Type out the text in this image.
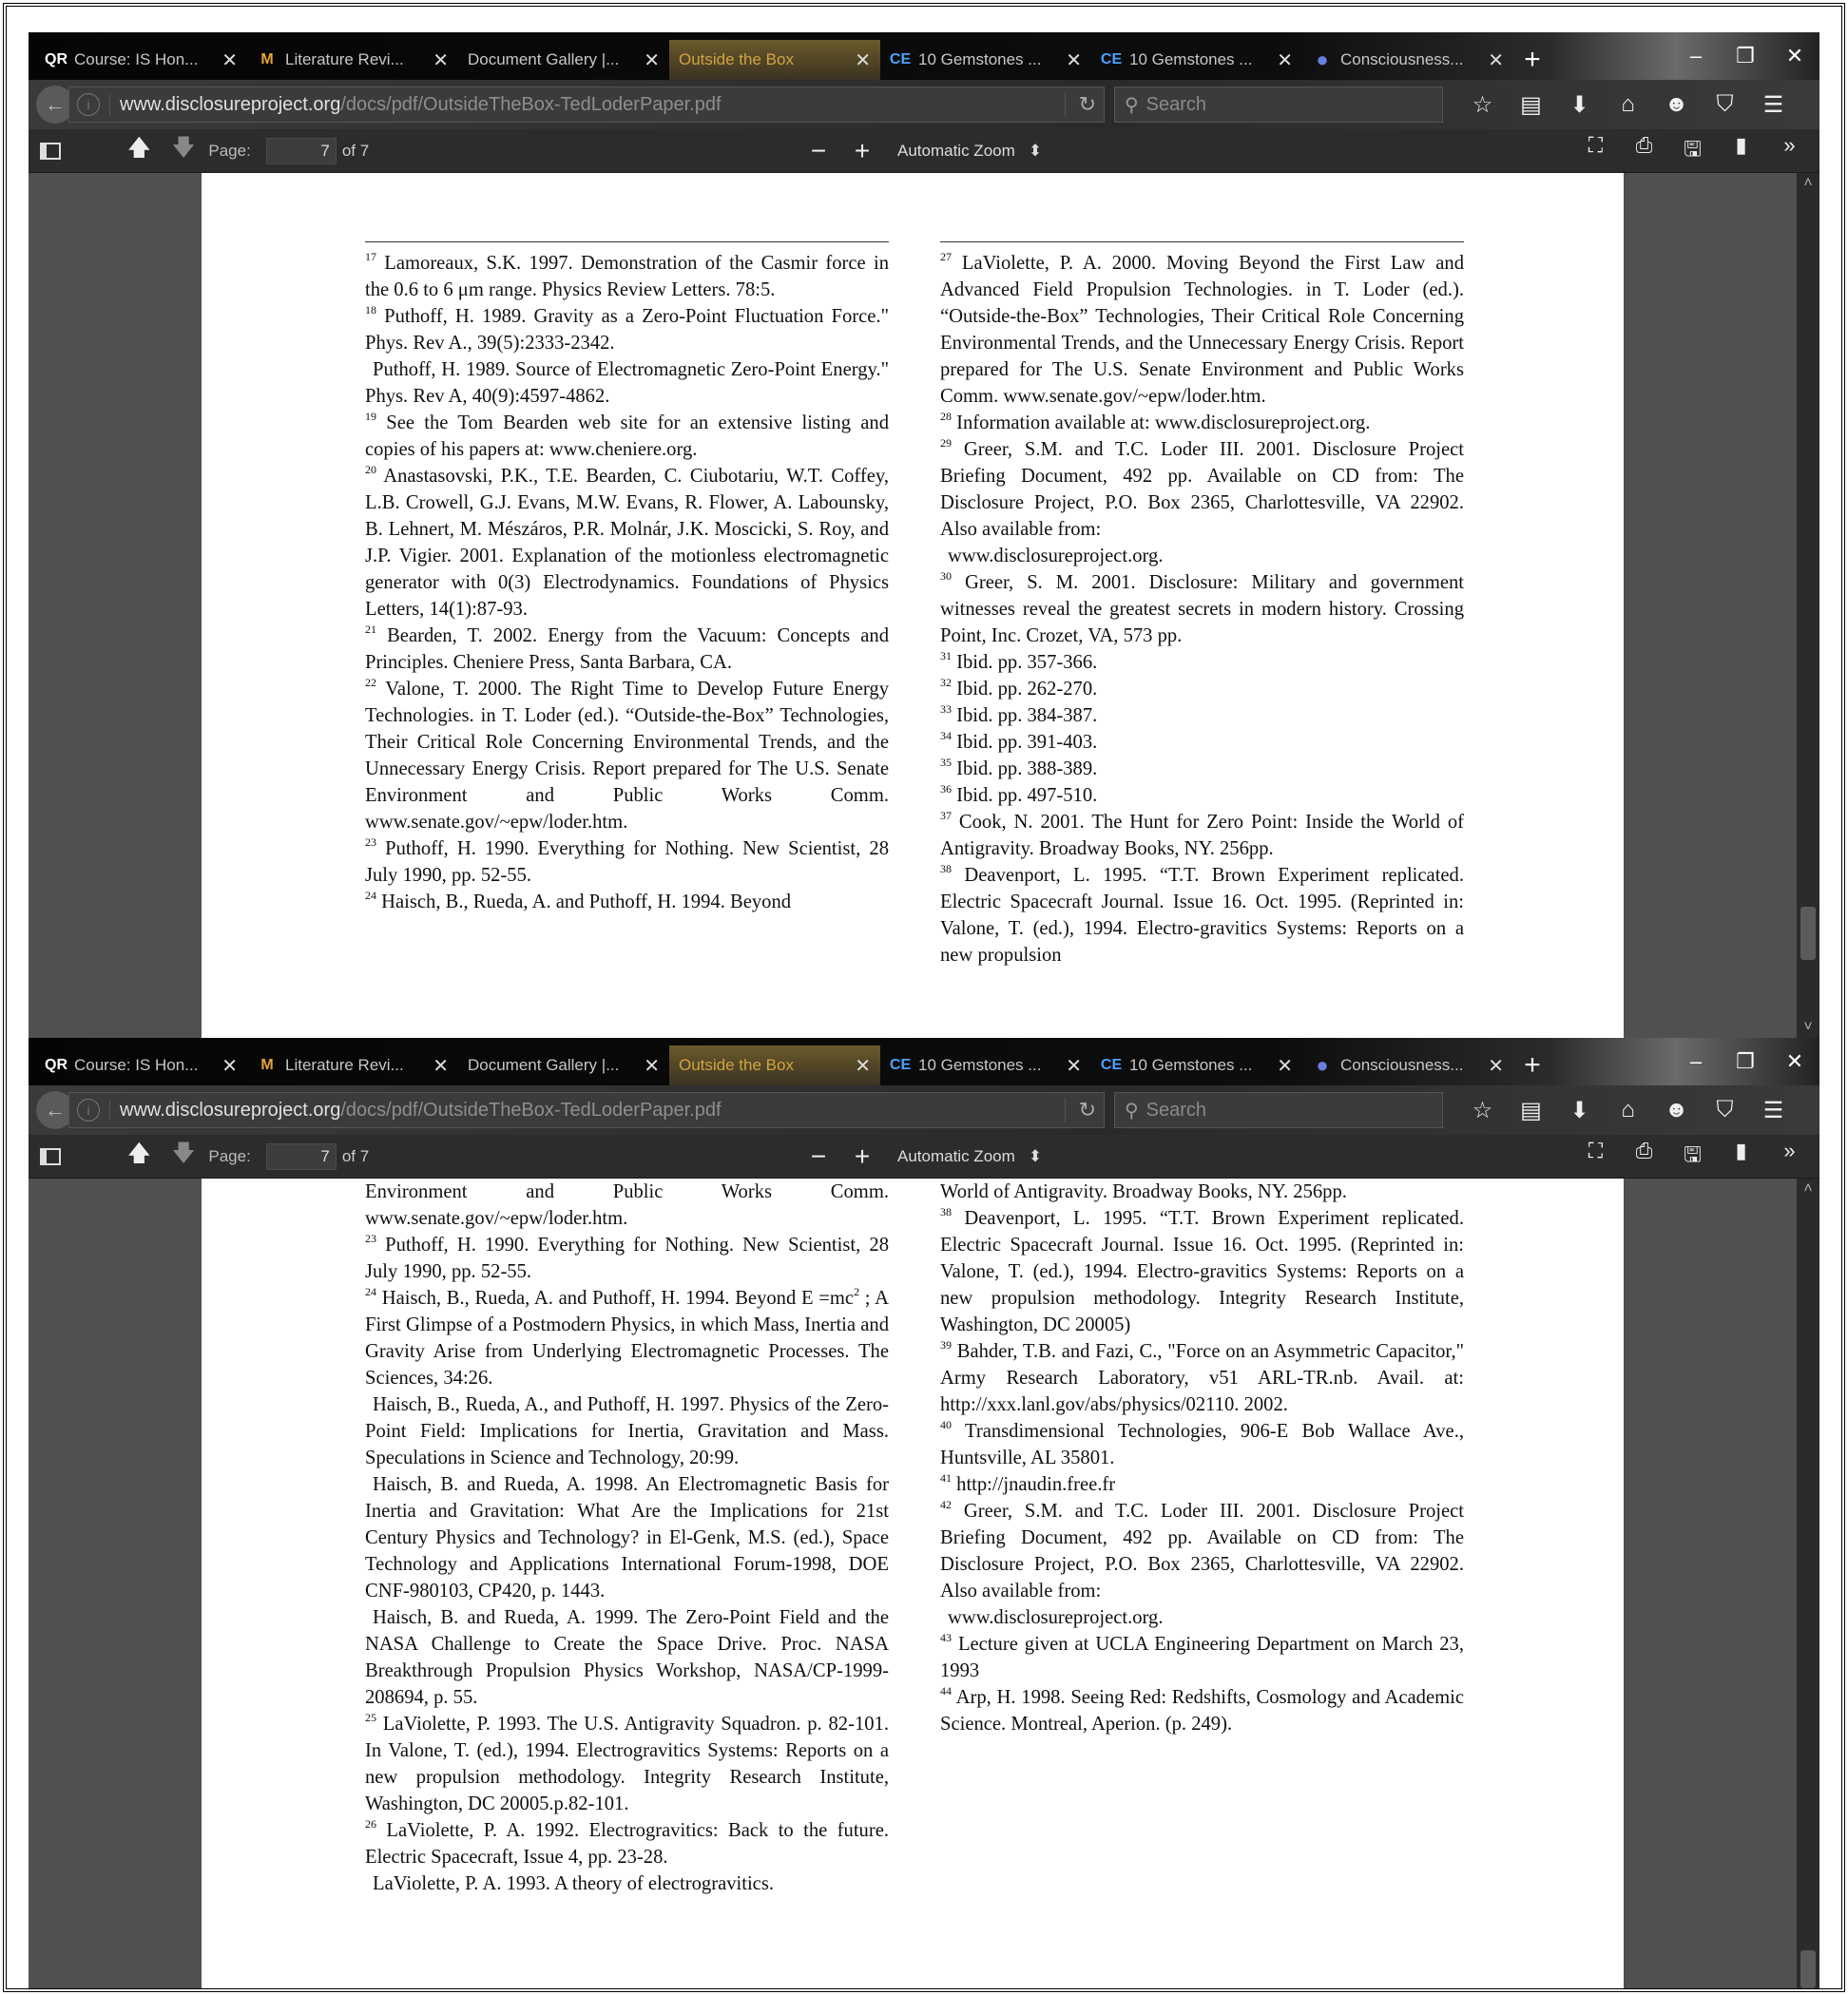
QR Course: IS Hon...	✕ M Literature Revi...	✕ Document Gallery |...	✕ Outside the Box	✕ CE 10 Gemstones ...	✕ CE 10 Gemstones ...	✕ ● Consciousness...	✕ +	–	❐	✕
←	i	www.disclosureproject.org/docs/pdf/OutsideTheBox-TedLoderPaper.pdf	↻ ⚲ Search	☆	▤	⬇	⌂	☻	⛉	☰
🡅 🡇 Page:	7 of 7	−	+	Automatic Zoom   ⬍	⛶	⎙	🖫	▮	»

$^{17}$ Lamoreaux, S.K. 1997. Demonstration of the Casmir force in the 0.6 to 6 μm range. Physics Review Letters. 78:5.

$^{18}$ Puthoff, H. 1989. Gravity as a Zero-Point Fluctuation Force." Phys. Rev A., 39(5):2333-2342.

Puthoff, H. 1989. Source of Electromagnetic Zero-Point Energy." Phys. Rev A, 40(9):4597-4862.

$^{19}$ See the Tom Bearden web site for an extensive listing and copies of his papers at: www.cheniere.org.

$^{20}$ Anastasovski, P.K., T.E. Bearden, C. Ciubotariu, W.T. Coffey, L.B. Crowell, G.J. Evans, M.W. Evans, R. Flower, A. Labounsky, B. Lehnert, M. Mészáros, P.R. Molnár, J.K. Moscicki, S. Roy, and J.P. Vigier. 2001. Explanation of the motionless electromagnetic generator with 0(3) Electrodynamics. Foundations of Physics Letters, 14(1):87-93.

$^{21}$ Bearden, T. 2002. Energy from the Vacuum: Concepts and Principles. Cheniere Press, Santa Barbara, CA.

$^{22}$ Valone, T. 2000. The Right Time to Develop Future Energy Technologies. in T. Loder (ed.). “Outside-the-Box” Technologies, Their Critical Role Concerning Environmental Trends, and the Unnecessary Energy Crisis. Report prepared for The U.S. Senate Environment and Public Works Comm. www.senate.gov/~epw/loder.htm.

$^{23}$ Puthoff, H. 1990. Everything for Nothing. New Scientist, 28 July 1990, pp. 52-55.

$^{24}$ Haisch, B., Rueda, A. and Puthoff, H. 1994. Beyond

$^{27}$ LaViolette, P. A. 2000. Moving Beyond the First Law and Advanced Field Propulsion Technologies. in T. Loder (ed.). “Outside-the-Box” Technologies, Their Critical Role Concerning Environmental Trends, and the Unnecessary Energy Crisis. Report prepared for The U.S. Senate Environment and Public Works Comm. www.senate.gov/~epw/loder.htm.

$^{28}$ Information available at: www.disclosureproject.org.

$^{29}$ Greer, S.M. and T.C. Loder III. 2001. Disclosure Project Briefing Document, 492 pp. Available on CD from: The Disclosure Project, P.O. Box 2365, Charlottesville, VA 22902. Also available from:

www.disclosureproject.org.

$^{30}$ Greer, S. M. 2001. Disclosure: Military and government witnesses reveal the greatest secrets in modern history. Crossing Point, Inc. Crozet, VA, 573 pp.

$^{31}$ Ibid. pp. 357-366.

$^{32}$ Ibid. pp. 262-270.

$^{33}$ Ibid. pp. 384-387.

$^{34}$ Ibid. pp. 391-403.

$^{35}$ Ibid. pp. 388-389.

$^{36}$ Ibid. pp. 497-510.

$^{37}$ Cook, N. 2001. The Hunt for Zero Point: Inside the World of Antigravity. Broadway Books, NY. 256pp.

$^{38}$ Deavenport, L. 1995. “T.T. Brown Experiment replicated. Electric Spacecraft Journal. Issue 16. Oct. 1995. (Reprinted in: Valone, T. (ed.), 1994. Electro-gravitics Systems: Reports on a new propulsion

˄
˅
QR Course: IS Hon...	✕ M Literature Revi...	✕ Document Gallery |...	✕ Outside the Box	✕ CE 10 Gemstones ...	✕ CE 10 Gemstones ...	✕ ● Consciousness...	✕ +	–	❐	✕
←	i	www.disclosureproject.org/docs/pdf/OutsideTheBox-TedLoderPaper.pdf	↻ ⚲ Search	☆	▤	⬇	⌂	☻	⛉	☰
🡅 🡇 Page:	7 of 7	−	+	Automatic Zoom   ⬍	⛶	⎙	🖫	▮	»

Environment and Public Works Comm. www.senate.gov/~epw/loder.htm.

$^{23}$ Puthoff, H. 1990. Everything for Nothing. New Scientist, 28 July 1990, pp. 52-55.

$^{24}$ Haisch, B., Rueda, A. and Puthoff, H. 1994. Beyond $E =mc^2$ ; A First Glimpse of a Postmodern Physics, in which Mass, Inertia and Gravity Arise from Underlying Electromagnetic Processes. The Sciences, 34:26.

Haisch, B., Rueda, A., and Puthoff, H. 1997. Physics of the Zero-Point Field: Implications for Inertia, Gravitation and Mass. Speculations in Science and Technology, 20:99.

Haisch, B. and Rueda, A. 1998. An Electromagnetic Basis for Inertia and Gravitation: What Are the Implications for 21st Century Physics and Technology? in El-Genk, M.S. (ed.), Space Technology and Applications International Forum-1998, DOE CNF-980103, CP420, p. 1443.

Haisch, B. and Rueda, A. 1999. The Zero-Point Field and the NASA Challenge to Create the Space Drive. Proc. NASA Breakthrough Propulsion Physics Workshop, NASA/CP-1999-208694, p. 55.

$^{25}$ LaViolette, P. 1993. The U.S. Antigravity Squadron. p. 82-101. In Valone, T. (ed.), 1994. Electrogravitics Systems: Reports on a new propulsion methodology. Integrity Research Institute, Washington, DC 20005.p.82-101.

$^{26}$ LaViolette, P. A. 1992. Electrogravitics: Back to the future. Electric Spacecraft, Issue 4, pp. 23-28.

LaViolette, P. A. 1993. A theory of electrogravitics.

World of Antigravity. Broadway Books, NY. 256pp.

$^{38}$ Deavenport, L. 1995. “T.T. Brown Experiment replicated. Electric Spacecraft Journal. Issue 16. Oct. 1995. (Reprinted in: Valone, T. (ed.), 1994. Electro-gravitics Systems: Reports on a new propulsion methodology. Integrity Research Institute, Washington, DC 20005)

$^{39}$ Bahder, T.B. and Fazi, C., "Force on an Asymmetric Capacitor," Army Research Laboratory, v51 ARL-TR.nb. Avail. at: http://xxx.lanl.gov/abs/physics/02110. 2002.

$^{40}$ Transdimensional Technologies, 906-E Bob Wallace Ave., Huntsville, AL 35801.

$^{41}$ http://jnaudin.free.fr

$^{42}$ Greer, S.M. and T.C. Loder III. 2001. Disclosure Project Briefing Document, 492 pp. Available on CD from: The Disclosure Project, P.O. Box 2365, Charlottesville, VA 22902. Also available from:

www.disclosureproject.org.

$^{43}$ Lecture given at UCLA Engineering Department on March 23, 1993

$^{44}$ Arp, H. 1998. Seeing Red: Redshifts, Cosmology and Academic Science. Montreal, Aperion. (p. 249).

˄
